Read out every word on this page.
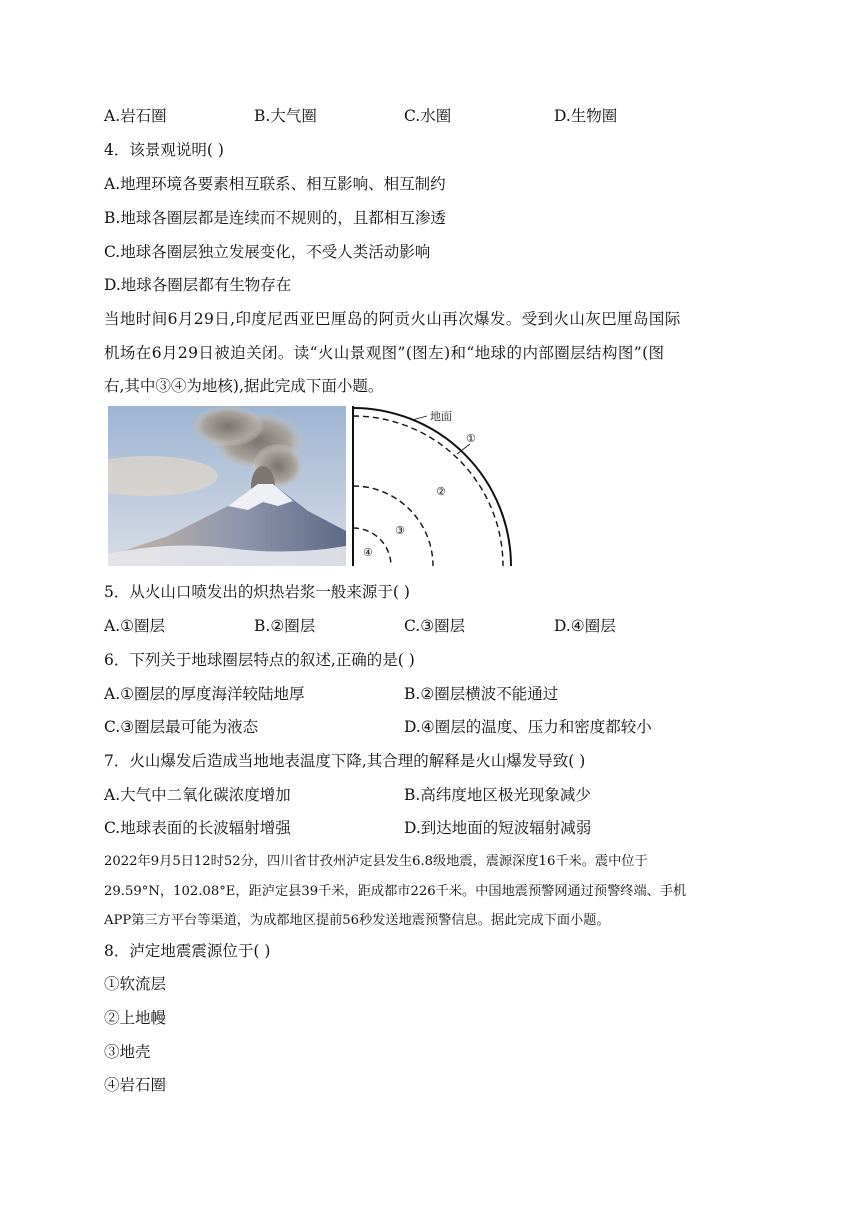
A.岩石圈	B.大气圈	C.水圈	D.生物圈
4．该景观说明( )
A.地理环境各要素相互联系、相互影响、相互制约
B.地球各圈层都是连续而不规则的，且都相互渗透
C.地球各圈层独立发展变化，不受人类活动影响
D.地球各圈层都有生物存在
当地时间6月29日,印度尼西亚巴厘岛的阿贡火山再次爆发。受到火山灰巴厘岛国际
机场在6月29日被迫关闭。读“火山景观图”(图左)和“地球的内部圈层结构图”(图
右,其中③④为地核),据此完成下面小题。
地面
①
②
③
④
5．从火山口喷发出的炽热岩浆一般来源于( )
A.①圈层	B.②圈层	C.③圈层	D.④圈层
6．下列关于地球圈层特点的叙述,正确的是( )
A.①圈层的厚度海洋较陆地厚	B.②圈层横波不能通过
C.③圈层最可能为液态	D.④圈层的温度、压力和密度都较小
7．火山爆发后造成当地地表温度下降,其合理的解释是火山爆发导致( )
A.大气中二氧化碳浓度增加	B.高纬度地区极光现象减少
C.地球表面的长波辐射增强	D.到达地面的短波辐射减弱
2022年9月5日12时52分，四川省甘孜州泸定县发生6.8级地震，震源深度16千米。震中位于
29.59°N，102.08°E，距泸定县39千米，距成都市226千米。中国地震预警网通过预警终端、手机
APP第三方平台等渠道，为成都地区提前56秒发送地震预警信息。据此完成下面小题。
8．泸定地震震源位于( )
①软流层
②上地幔
③地壳
④岩石圈
